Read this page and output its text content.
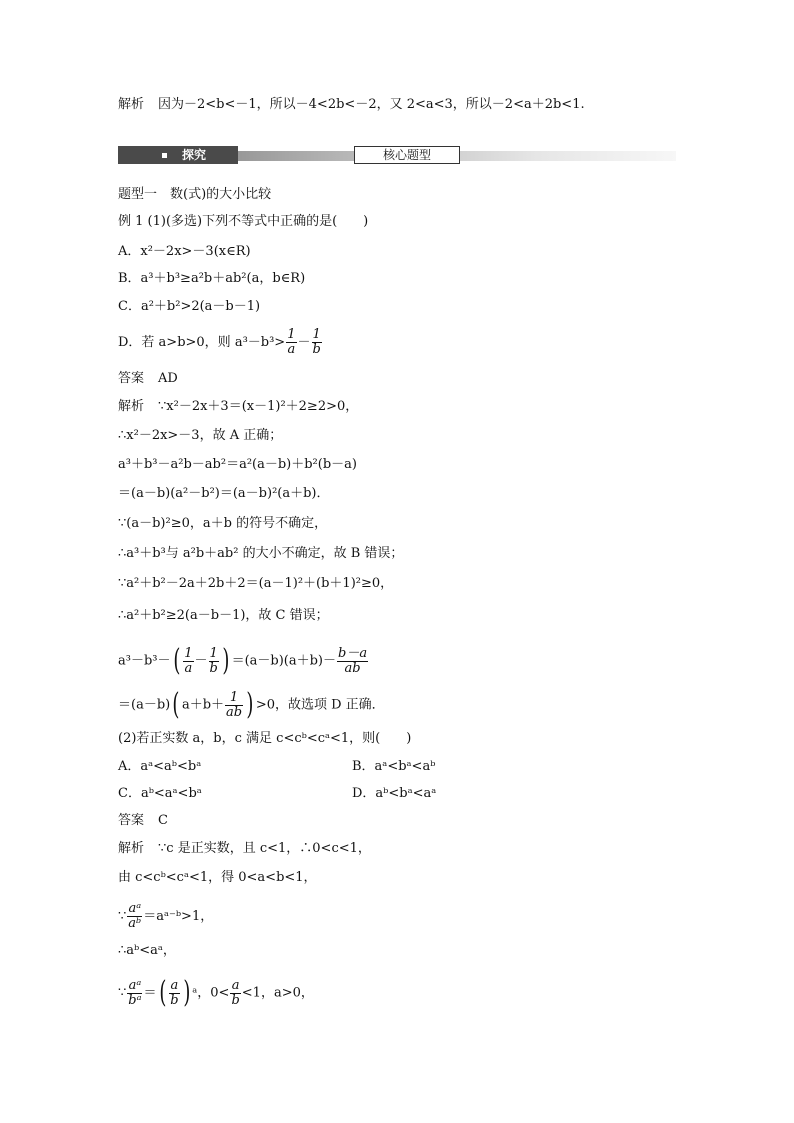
解析 因为－2<b<－1，所以－4<2b<－2，又 2<a<3，所以－2<a＋2b<1.
探究	核心题型
题型一　数(式)的大小比较
例 1 (1)(多选)下列不等式中正确的是(　　)
A．x²－2x>－3(x∈R)
B．a³＋b³≥a²b＋ab²(a，b∈R)
C．a²＋b²>2(a－b－1)
D．若 a>b>0，则 $a^3-b^3> \frac{1}{a} - \frac{1}{b}$
答案 AD
解析 ∵x²－2x＋3＝(x－1)²＋2≥2>0，
∴x²－2x>－3，故 A 正确；
a³＋b³－a²b－ab²＝a²(a－b)＋b²(b－a)
＝(a－b)(a²－b²)＝(a－b)²(a＋b)．
∵(a－b)²≥0，a＋b 的符号不确定，
∴a³＋b³与 a²b＋ab² 的大小不确定，故 B 错误；
∵a²＋b²－2a＋2b＋2＝(a－1)²＋(b＋1)²≥0，
∴a²＋b²≥2(a－b－1)，故 C 错误；
$a^3-b^3-( \frac{1}{a} - \frac{1}{b}$ ) $=(a-b)(a+b)- \frac{b-a}{ab}$
＝(a－b)( $a+b+ \frac{1}{ab}$ ) >0，故选项 D 正确．
(2)若正实数 a，b，c 满足 c<cᵇ<cᵃ<1，则(　　)
A．aᵃ<aᵇ<bᵃ	B．aᵃ<bᵃ<aᵇ
C．aᵇ<aᵃ<bᵃ	D．aᵇ<bᵃ<aᵃ
答案 C
解析 ∵c 是正实数，且 c<1，∴0<c<1，
由 c<cᵇ<cᵃ<1，得 0<a<b<1，
∵ $\frac{\text{aᵃ}}{\text{aᵇ}}$ ＝aᵃ⁻ᵇ>1，
∴aᵇ<aᵃ，
∵ $\frac{\text{aᵃ}}{\text{bᵃ}}$ ＝( $\frac{a}{b}$ ) ᵃ，$0< \frac{a}{b} <1$，a>0，
